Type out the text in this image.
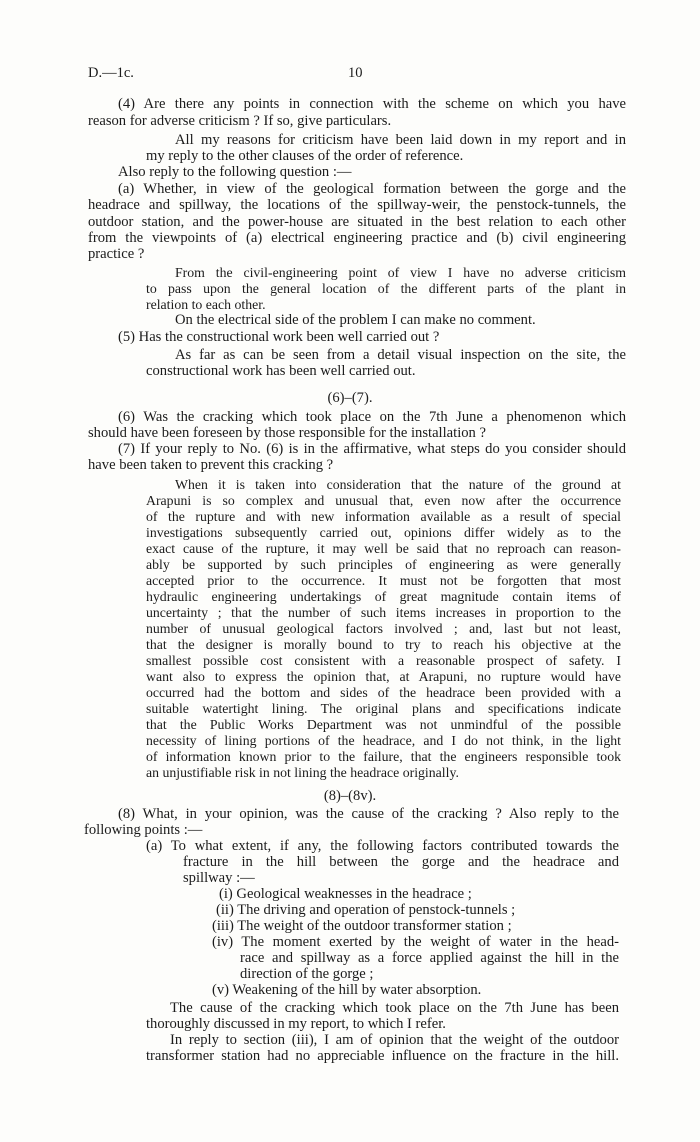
D.—1c.	10
(4) Are there any points in connection with the scheme on which you have
reason for adverse criticism ? If so, give particulars.
All my reasons for criticism have been laid down in my report and in
my reply to the other clauses of the order of reference.
Also reply to the following question :—
(a) Whether, in view of the geological formation between the gorge and the
headrace and spillway, the locations of the spillway-weir, the penstock-tunnels, the
outdoor station, and the power-house are situated in the best relation to each other
from the viewpoints of (a) electrical engineering practice and (b) civil engineering
practice ?
From the civil-engineering point of view I have no adverse criticism
to pass upon the general location of the different parts of the plant in
relation to each other.
On the electrical side of the problem I can make no comment.
(5) Has the constructional work been well carried out ?
As far as can be seen from a detail visual inspection on the site, the
constructional work has been well carried out.
(6)–(7).
(6) Was the cracking which took place on the 7th June a phenomenon which
should have been foreseen by those responsible for the installation ?
(7) If your reply to No. (6) is in the affirmative, what steps do you consider should
have been taken to prevent this cracking ?
When it is taken into consideration that the nature of the ground at
Arapuni is so complex and unusual that, even now after the occurrence
of the rupture and with new information available as a result of special
investigations subsequently carried out, opinions differ widely as to the
exact cause of the rupture, it may well be said that no reproach can reason-
ably be supported by such principles of engineering as were generally
accepted prior to the occurrence. It must not be forgotten that most
hydraulic engineering undertakings of great magnitude contain items of
uncertainty ; that the number of such items increases in proportion to the
number of unusual geological factors involved ; and, last but not least,
that the designer is morally bound to try to reach his objective at the
smallest possible cost consistent with a reasonable prospect of safety. I
want also to express the opinion that, at Arapuni, no rupture would have
occurred had the bottom and sides of the headrace been provided with a
suitable watertight lining. The original plans and specifications indicate
that the Public Works Department was not unmindful of the possible
necessity of lining portions of the headrace, and I do not think, in the light
of information known prior to the failure, that the engineers responsible took
an unjustifiable risk in not lining the headrace originally.
(8)–(8v).
(8) What, in your opinion, was the cause of the cracking ? Also reply to the
following points :—
(a) To what extent, if any, the following factors contributed towards the
fracture in the hill between the gorge and the headrace and
spillway :—
(i) Geological weaknesses in the headrace ;
(ii) The driving and operation of penstock-tunnels ;
(iii) The weight of the outdoor transformer station ;
(iv) The moment exerted by the weight of water in the head-
race and spillway as a force applied against the hill in the
direction of the gorge ;
(v) Weakening of the hill by water absorption.
The cause of the cracking which took place on the 7th June has been
thoroughly discussed in my report, to which I refer.
In reply to section (iii), I am of opinion that the weight of the outdoor
transformer station had no appreciable influence on the fracture in the hill.
